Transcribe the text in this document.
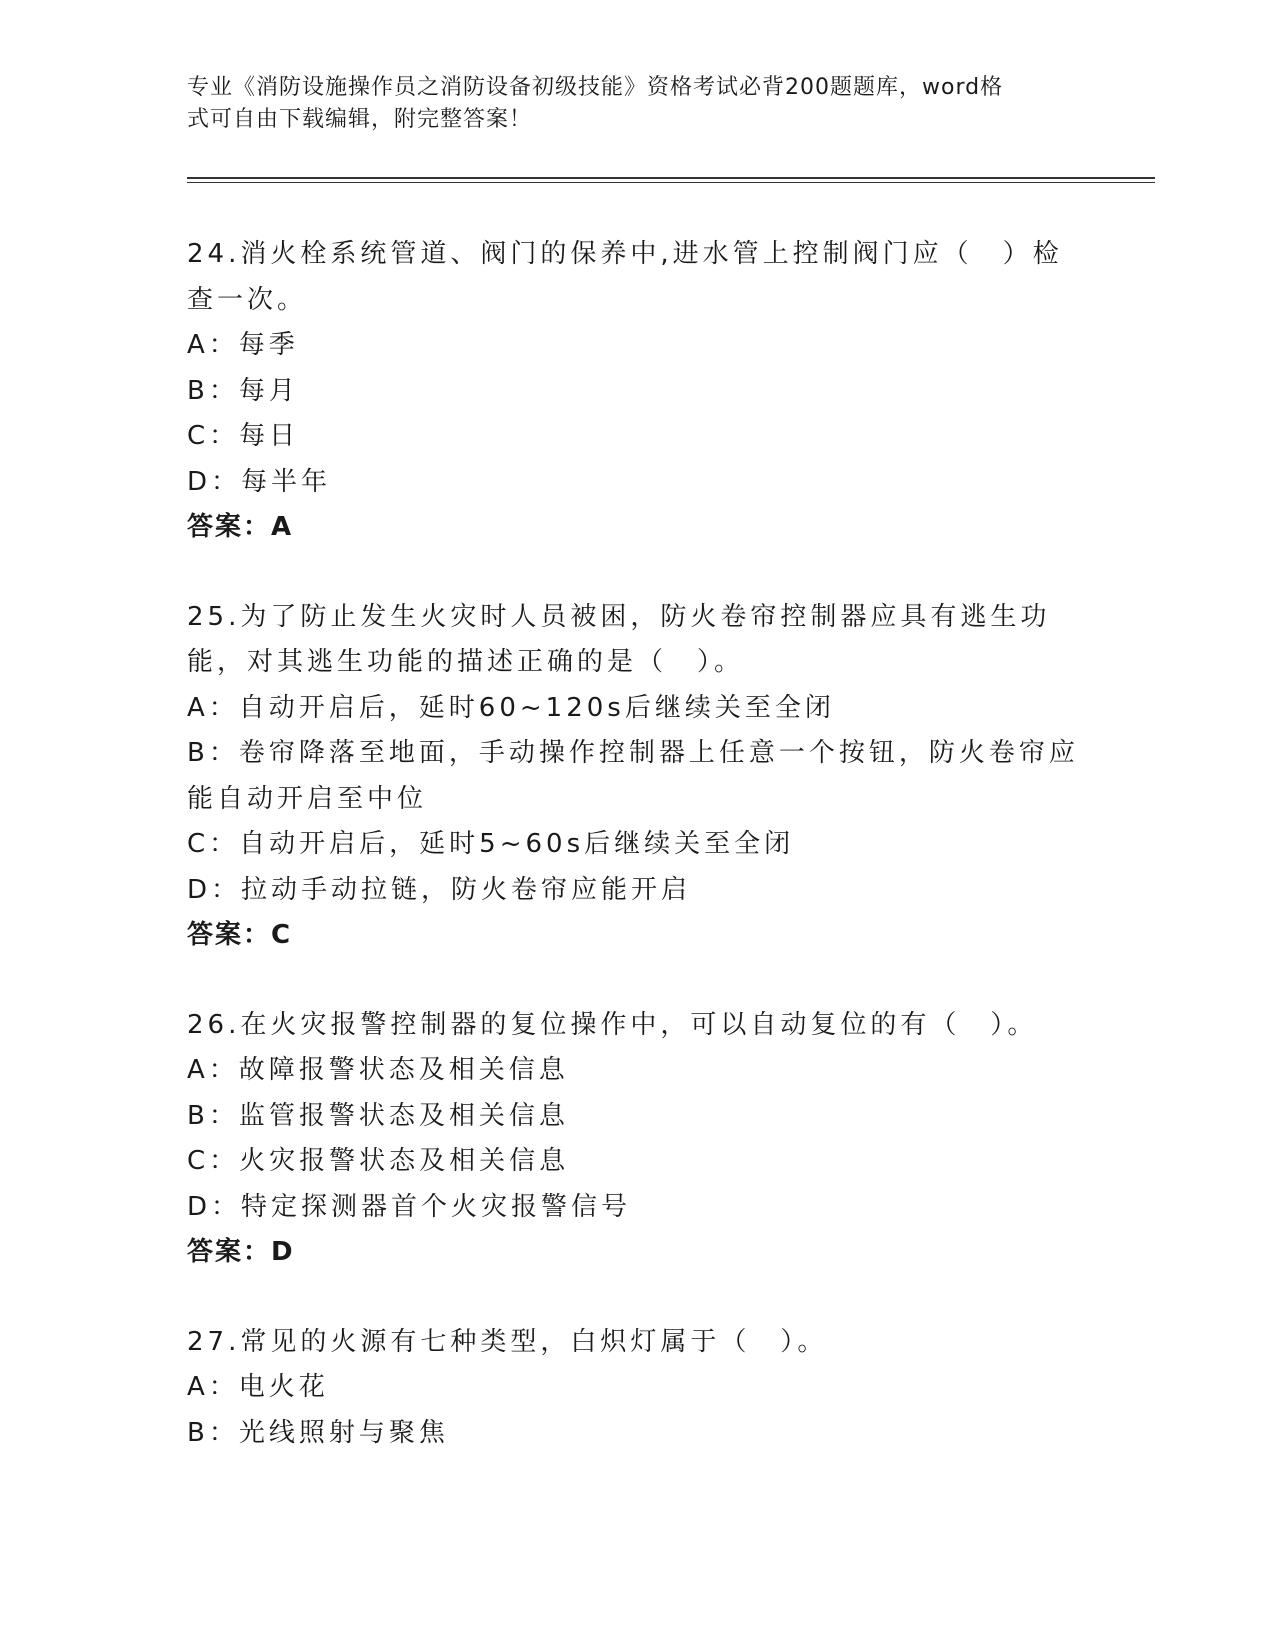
专业《消防设施操作员之消防设备初级技能》资格考试必背200题题库，word格
式可自由下载编辑，附完整答案！

24.消火栓系统管道、阀门的保养中,进水管上控制阀门应（　）检查一次。

A：每季

B：每月

C：每日

D：每半年

答案：A

25.为了防止发生火灾时人员被困，防火卷帘控制器应具有逃生功能，对其逃生功能的描述正确的是（　）。

A：自动开启后，延时60~120s后继续关至全闭

B：卷帘降落至地面，手动操作控制器上任意一个按钮，防火卷帘应能自动开启至中位

C：自动开启后，延时5~60s后继续关至全闭

D：拉动手动拉链，防火卷帘应能开启

答案：C

26.在火灾报警控制器的复位操作中，可以自动复位的有（　）。

A：故障报警状态及相关信息

B：监管报警状态及相关信息

C：火灾报警状态及相关信息

D：特定探测器首个火灾报警信号

答案：D

27.常见的火源有七种类型，白炽灯属于（　）。

A：电火花

B：光线照射与聚焦
